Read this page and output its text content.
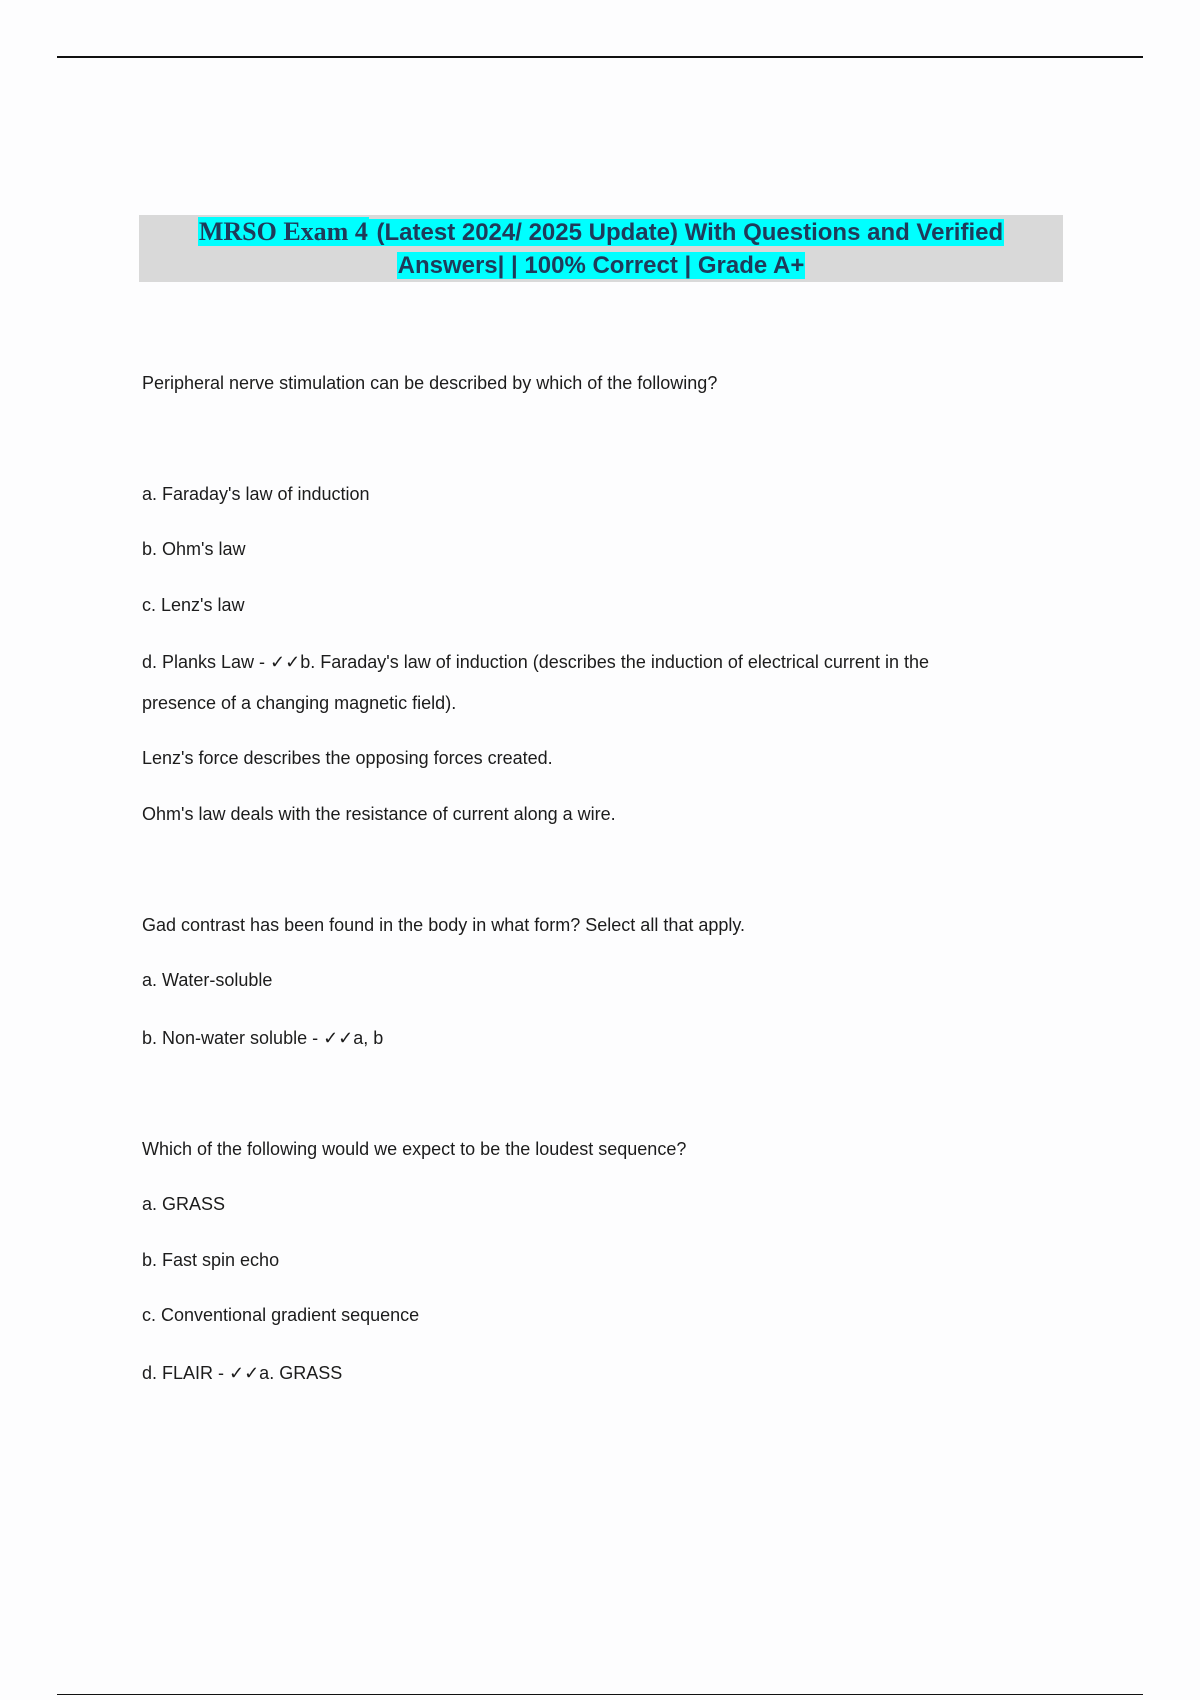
MRSO Exam 4 (Latest 2024/ 2025 Update) With Questions and Verified
Answers| | 100% Correct | Grade A+
Peripheral nerve stimulation can be described by which of the following?
a. Faraday's law of induction
b. Ohm's law
c. Lenz's law
d. Planks Law - ✓✓b. Faraday's law of induction (describes the induction of electrical current in the
presence of a changing magnetic field).
Lenz's force describes the opposing forces created.
Ohm's law deals with the resistance of current along a wire.
Gad contrast has been found in the body in what form? Select all that apply.
a. Water-soluble
b. Non-water soluble - ✓✓a, b
Which of the following would we expect to be the loudest sequence?
a. GRASS
b. Fast spin echo
c. Conventional gradient sequence
d. FLAIR - ✓✓a. GRASS
